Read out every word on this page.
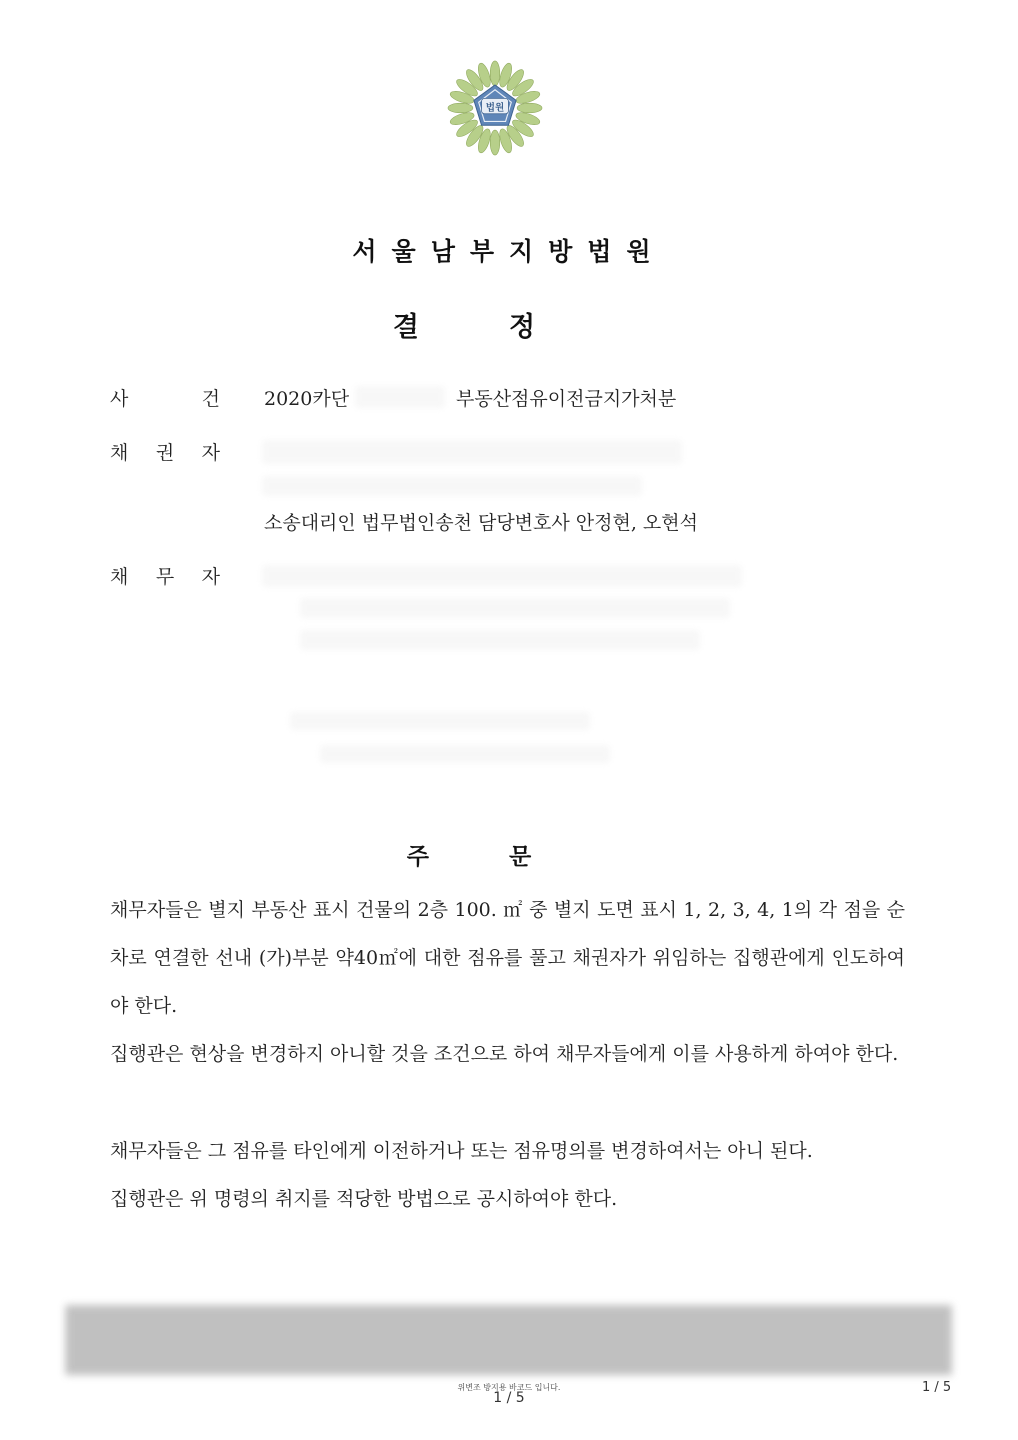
법원
서울남부지방법원
결정
사	건 2020카단	부동산점유이전금지가처분
채 권 자
소송대리인 법무법인송천 담당변호사 안정현, 오현석
채 무 자
주문

채무자들은 별지 부동산 표시 건물의 2층 100. ㎡ 중 별지 도면 표시 1, 2, 3, 4, 1의 각 점을 순차로 연결한 선내 (가)부분 약40㎡에 대한 점유를 풀고 채권자가 위임하는 집행관에게 인도하여야 한다.

집행관은 현상을 변경하지 아니할 것을 조건으로 하여 채무자들에게 이를 사용하게 하여야 한다.

채무자들은 그 점유를 타인에게 이전하거나 또는 점유명의를 변경하여서는 아니 된다.

집행관은 위 명령의 취지를 적당한 방법으로 공시하여야 한다.

위변조 방지용 바코드 입니다.
1 / 5
1 / 5
